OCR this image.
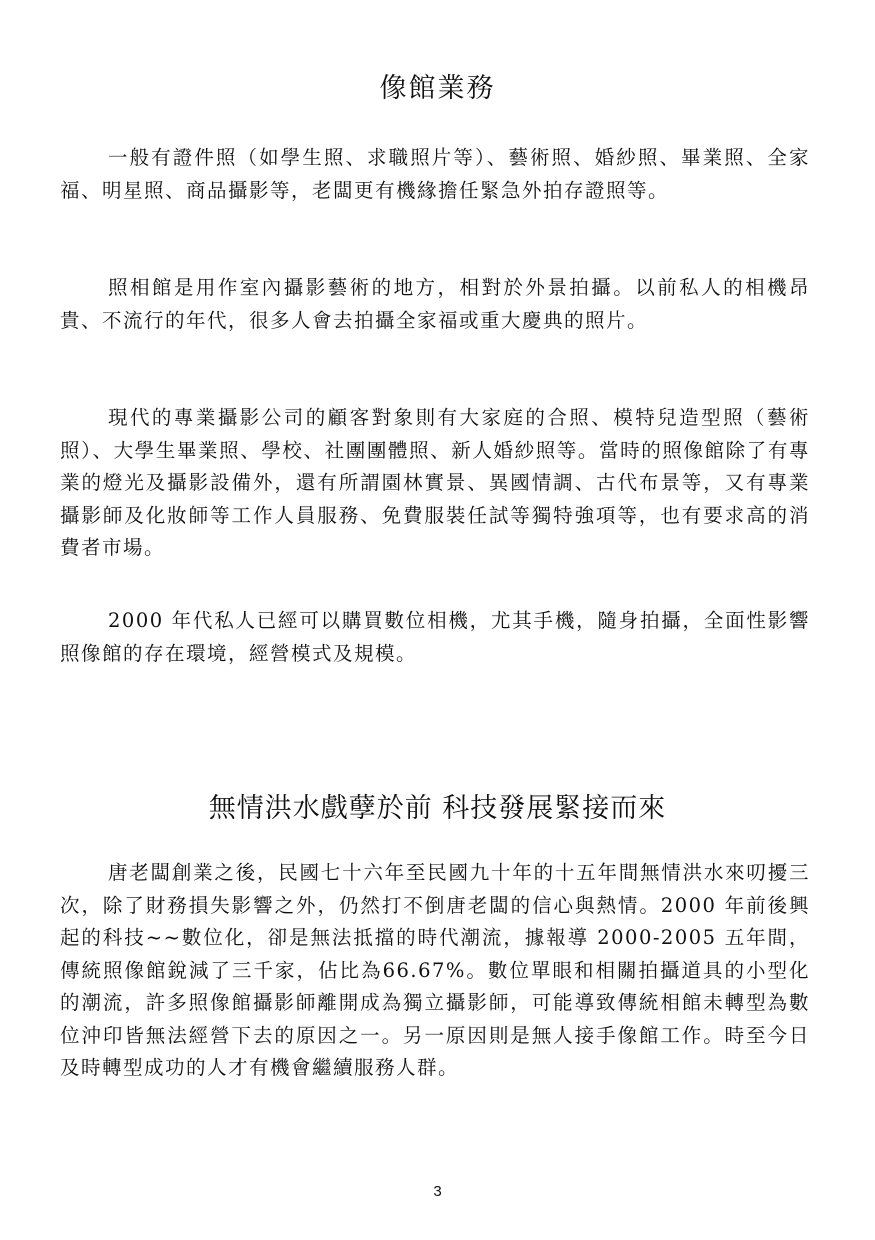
像館業務

一般有證件照（如學生照、求職照片等）、藝術照、婚紗照、畢業照、全家福、明星照、商品攝影等，老闆更有機緣擔任緊急外拍存證照等。

照相館是用作室內攝影藝術的地方，相對於外景拍攝。以前私人的相機昂貴、不流行的年代，很多人會去拍攝全家福或重大慶典的照片。

現代的專業攝影公司的顧客對象則有大家庭的合照、模特兒造型照（藝術照）、大學生畢業照、學校、社團團體照、新人婚紗照等。當時的照像館除了有專業的燈光及攝影設備外，還有所謂園林實景、異國情調、古代布景等，又有專業攝影師及化妝師等工作人員服務、免費服裝任試等獨特強項等，也有要求高的消費者市場。

2000 年代私人已經可以購買數位相機，尤其手機，隨身拍攝，全面性影響照像館的存在環境，經營模式及規模。

無情洪水戲孽於前 科技發展緊接而來

唐老闆創業之後，民國七十六年至民國九十年的十五年間無情洪水來叨擾三次，除了財務損失影響之外，仍然打不倒唐老闆的信心與熱情。2000 年前後興起的科技~~數位化，卻是無法抵擋的時代潮流，據報導 2000-2005 五年間，傳統照像館銳減了三千家，佔比為66.67%。數位單眼和相關拍攝道具的小型化的潮流，許多照像館攝影師離開成為獨立攝影師，可能導致傳統相館未轉型為數位沖印皆無法經營下去的原因之一。另一原因則是無人接手像館工作。時至今日及時轉型成功的人才有機會繼續服務人群。

3
